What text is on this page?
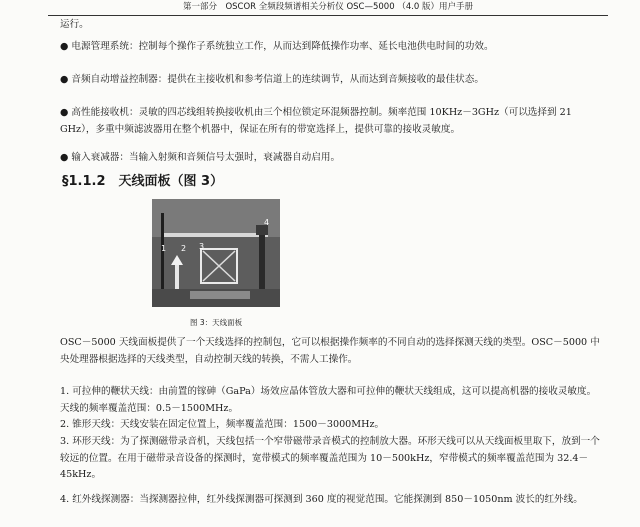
第一部分　OSCOR 全频段频谱相关分析仪 OSC—5000 （4.0 版）用户手册

运行。

● 电源管理系统：控制每个操作子系统独立工作，从而达到降低操作功率、延长电池供电时间的功效。

● 音频自动增益控制器：提供在主接收机和参考信道上的连续调节，从而达到音频接收的最佳状态。

● 高性能接收机：灵敏的四芯线组转换接收机由三个相位锁定环混频器控制。频率范围 10KHz－3GHz（可以选择到 21 GHz），多重中频滤波器用在整个机器中，保证在所有的带宽选择上，提供可靠的接收灵敏度。

● 输入衰减器：当输入射频和音频信号太强时，衰减器自动启用。

§1.1.2　天线面板（图 3）
1 2 3
4
图 3：天线面板

OSC－5000 天线面板提供了一个天线选择的控制包，它可以根据操作频率的不同自动的选择探测天线的类型。OSC－5000 中央处理器根据选择的天线类型，自动控制天线的转换，不需人工操作。

1. 可拉伸的鞭状天线：由前置的镓砷（GaPa）场效应晶体管放大器和可拉伸的鞭状天线组成，这可以提高机器的接收灵敏度。天线的频率覆盖范围：0.5－1500MHz。

2. 锥形天线：天线安装在固定位置上，频率覆盖范围：1500－3000MHz。

3. 环形天线：为了探测磁带录音机，天线包括一个窄带磁带录音模式的控制放大器。环形天线可以从天线面板里取下，放到一个较远的位置。在用于磁带录音设备的探测时，宽带模式的频率覆盖范围为 10－500kHz，窄带模式的频率覆盖范围为 32.4－45kHz。

4. 红外线探测器：当探测器拉伸，红外线探测器可探测到 360 度的视觉范围。它能探测到 850－1050nm 波长的红外线。
